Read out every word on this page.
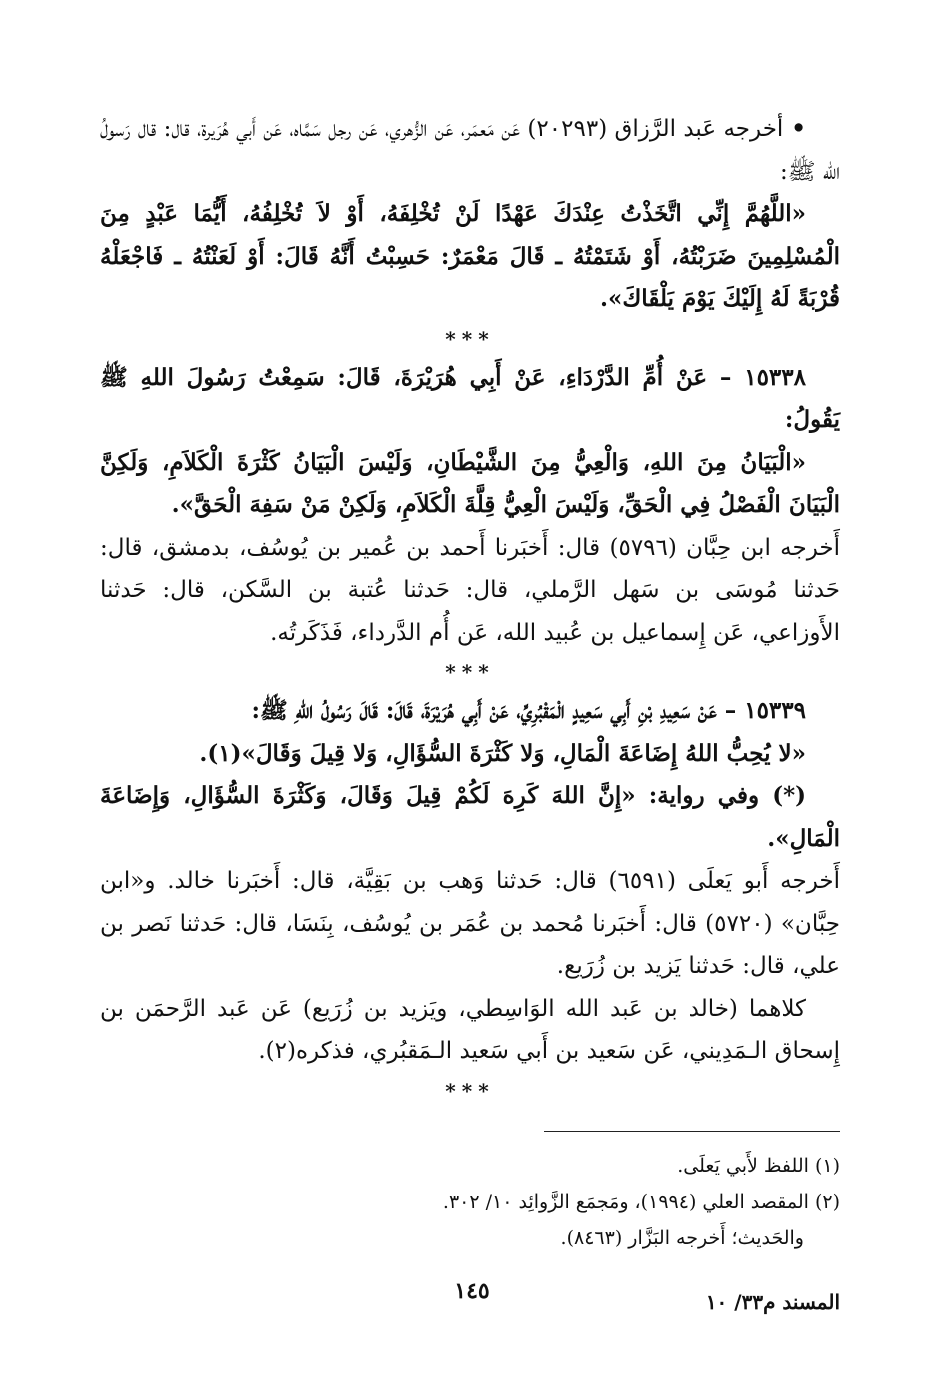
•أخرجه عَبد الرَّزاق (٢٠٢٩٣) عَن مَعمَر، عَن الزُّهري، عَن رجل سَمَّاه، عَن أَبي هُرَيرة، قال: قال رَسولُ الله ﷺ:

«اللَّهُمَّ إِنِّي اتَّخَذْتُ عِنْدَكَ عَهْدًا لَنْ تُخْلِفَهُ، أَوْ لاَ تُخْلِفُهُ، أَيُّمَا عَبْدٍ مِنَ الْمُسْلِمِينَ ضَرَبْتُهُ، أَوْ شَتَمْتُهُ ـ قَالَ مَعْمَرٌ: حَسِبْتُ أَنَّهُ قَالَ: أَوْ لَعَنْتُهُ ـ فَاجْعَلْهُ قُرْبَةً لَهُ إِلَيْكَ يَوْمَ يَلْقَاكَ».

***

١٥٣٣٨ – عَنْ أُمِّ الدَّرْدَاءِ، عَنْ أَبِي هُرَيْرَةَ، قَالَ: سَمِعْتُ رَسُولَ اللهِ ﷺ يَقُولُ:

«الْبَيَانُ مِنَ اللهِ، وَالْعِيُّ مِنَ الشَّيْطَانِ، وَلَيْسَ الْبَيَانُ كَثْرَةَ الْكَلاَمِ، وَلَكِنَّ الْبَيَانَ الْفَصْلُ فِي الْحَقِّ، وَلَيْسَ الْعِيُّ قِلَّةَ الْكَلاَمِ، وَلَكِنْ مَنْ سَفِهَ الْحَقَّ».

أَخرجه ابن حِبَّان (٥٧٩٦) قال: أَخبَرنا أَحمد بن عُمير بن يُوسُف، بدمشق، قال: حَدثنا مُوسَى بن سَهل الرَّملي، قال: حَدثنا عُتبة بن السَّكن، قال: حَدثنا الأَوزاعي، عَن إِسماعيل بن عُبيد الله، عَن أُم الدَّرداء، فَذَكَرتُه.

***

١٥٣٣٩ – عَنْ سَعِيدِ بْنِ أَبِي سَعِيدٍ الْمَقْبُرِيِّ، عَنْ أَبِي هُرَيْرَةَ، قَالَ: قَالَ رَسُولُ اللهِ ﷺ:

«لا يُحِبُّ اللهُ إِضَاعَةَ الْمَالِ، وَلا كَثْرَةَ السُّؤَالِ، وَلا قِيلَ وَقَالَ»(١).

(*) وفي رواية: «إِنَّ اللهَ كَرِهَ لَكُمْ قِيلَ وَقَالَ، وَكَثْرَةَ السُّؤَالِ، وَإِضَاعَةَ الْمَالِ».

أَخرجه أَبو يَعلَى (٦٥٩١) قال: حَدثنا وَهب بن بَقِيَّة، قال: أَخبَرنا خالد. و«ابن حِبَّان» (٥٧٢٠) قال: أَخبَرنا مُحمد بن عُمَر بن يُوسُف، بِنَسَا، قال: حَدثنا نَصر بن علي، قال: حَدثنا يَزيد بن زُرَيع.

كلاهما (خالد بن عَبد الله الوَاسِطي، ويَزيد بن زُرَيع) عَن عَبد الرَّحمَن بن إِسحاق الـمَدِيني، عَن سَعيد بن أَبي سَعيد الـمَقبُري، فذكره(٢).

***

(١) اللفظ لأَبي يَعلَى.

(٢) المقصد العلي (١٩٩٤)، ومَجمَع الزَّوائِد ١٠/ ٣٠٢.

والحَديث؛ أَخرجه البَزَّار (٨٤٦٣).

١٤٥	المسند م٣٣/ ١٠
